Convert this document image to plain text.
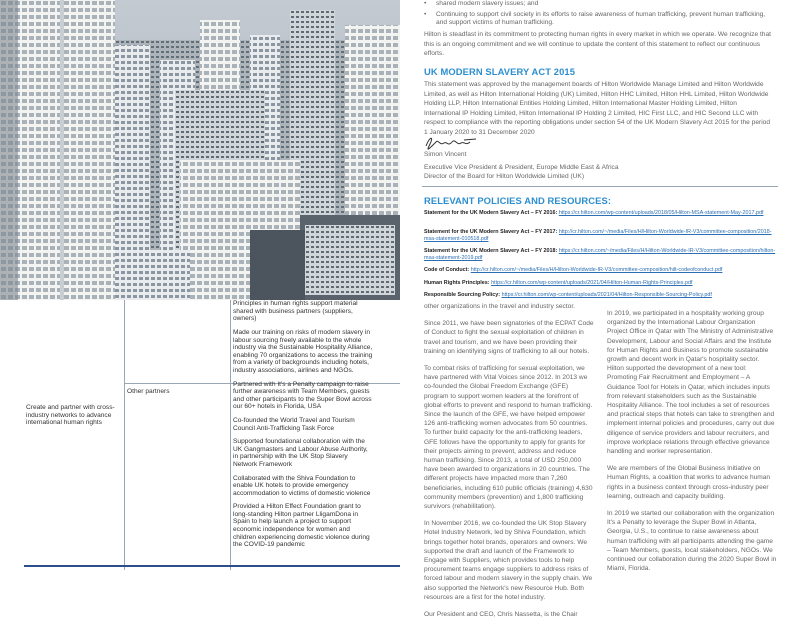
Create and partner with cross-industry networks to advance international human rights
Other partners
Principles in human rights support material shared with business partners (suppliers, owners)

Made our training on risks of modern slavery in labour sourcing freely available to the whole industry via the Sustainable Hospitality Alliance, enabling 70 organizations to access the training from a variety of backgrounds including hotels, industry associations, airlines and NGOs.

Partnered with It's a Penalty campaign to raise further awareness with Team Members, guests and other participants to the Super Bowl across our 60+ hotels in Florida, USA

Co-founded the World Travel and Tourism Council Anti-Trafficking Task Force

Supported foundational collaboration with the UK Gangmasters and Labour Abuse Authority, in partnership with the UK Stop Slavery Network Framework

Collaborated with the Shiva Foundation to enable UK hotels to provide emergency accommodation to victims of domestic violence

Provided a Hilton Effect Foundation grant to long-standing Hilton partner LligamDona in Spain to help launch a project to support economic independence for women and children experiencing domestic violence during the COVID-19 pandemic

• shared modern slavery issues; and
• Continuing to support civil society in its efforts to raise awareness of human trafficking, prevent human trafficking, and support victims of human trafficking.

Hilton is steadfast in its commitment to protecting human rights in every market in which we operate. We recognize that this is an ongoing commitment and we will continue to update the content of this statement to reflect our continuous efforts.

UK MODERN SLAVERY ACT 2015

This statement was approved by the management boards of Hilton Worldwide Manage Limited and Hilton Worldwide Limited, as well as Hilton International Holding (UK) Limited, Hilton HHC Limited, Hilton HHL Limited, Hilton Worldwide Holding LLP, Hilton International Entities Holding Limited, Hilton International Master Holding Limited, Hilton International IP Holding Limited, Hilton International IP Holding 2 Limited, HIC First LLC, and HIC Second LLC with respect to compliance with the reporting obligations under section 54 of the UK Modern Slavery Act 2015 for the period 1 January 2020 to 31 December 2020

Simon Vincent
Executive Vice President & President, Europe Middle East & Africa
Director of the Board for Hilton Worldwide Limited (UK)
RELEVANT POLICIES AND RESOURCES:
Statement for the UK Modern Slavery Act – FY 2016: https://cr.hilton.com/wp-content/uploads/2018/05/Hilton-MSA-statement-May-2017.pdf
Statement for the UK Modern Slavery Act – FY 2017: http://cr.hilton.com/~/media/Files/H/Hilton-Worldwide-IR-V3/committee-composition/2018-msa-statement-010518.pdf
Statement for the UK Modern Slavery Act – FY 2018: https://cr.hilton.com/~/media/Files/H/Hilton-Worldwide-IR-V3/committee-composition/hilton-msa-statement-2019.pdf
Code of Conduct: http://cr.hilton.com/~/media/Files/H/Hilton-Worldwide-IR-V3/committee-composition/hilt-codeofconduct.pdf
Human Rights Principles: https://cr.hilton.com/wp-content/uploads/2021/04/Hilton-Human-Rights-Principles.pdf
Responsible Sourcing Policy: https://cr.hilton.com/wp-content/uploads/2021/04/Hilton-Responsible-Sourcing-Policy.pdf

other organizations in the travel and industry sector.

Since 2011, we have been signatories of the ECPAT Code of Conduct to fight the sexual exploitation of children in travel and tourism, and we have been providing their training on identifying signs of trafficking to all our hotels.

To combat risks of trafficking for sexual exploitation, we have partnered with Vital Voices since 2012. In 2013 we co-founded the Global Freedom Exchange (GFE) program to support women leaders at the forefront of global efforts to prevent and respond to human trafficking. Since the launch of the GFE, we have helped empower 126 anti-trafficking women advocates from 50 countries. To further build capacity for the anti-trafficking leaders, GFE follows have the opportunity to apply for grants for their projects aiming to prevent, address and reduce human trafficking. Since 2013, a total of USD 250,000 have been awarded to organizations in 20 countries. The different projects have impacted more than 7,260 beneficiaries, including 610 public officials (training) 4,630 community members (prevention) and 1,800 trafficking survivors (rehabilitation).

In November 2016, we co-founded the UK Stop Slavery Hotel Industry Network, led by Shiva Foundation, which brings together hotel brands, operators and owners. We supported the draft and launch of the Framework to Engage with Suppliers, which provides tools to help procurement teams engage suppliers to address risks of forced labour and modern slavery in the supply chain. We also supported the Network's new Resource Hub. Both resources are a first for the hotel industry.

Our President and CEO, Chris Nassetta, is the Chair

In 2019, we participated in a hospitality working group organized by the International Labour Organization Project Office in Qatar with The Ministry of Administrative Development, Labour and Social Affairs and the Institute for Human Rights and Business to promote sustainable growth and decent work in Qatar's hospitality sector. Hilton supported the development of a new tool: Promoting Fair Recruitment and Employment – A Guidance Tool for Hotels in Qatar, which includes inputs from relevant stakeholders such as the Sustainable Hospitality Alliance. The tool includes a set of resources and practical steps that hotels can take to strengthen and implement internal policies and procedures, carry out due diligence of service providers and labour recruiters, and improve workplace relations through effective grievance handling and worker representation.

We are members of the Global Business Initiative on Human Rights, a coalition that works to advance human rights in a business context through cross-industry peer learning, outreach and capacity building.

In 2019 we started our collaboration with the organization It's a Penalty to leverage the Super Bowl in Atlanta, Georgia, U.S., to continue to raise awareness about human trafficking with all participants attending the game – Team Members, guests, local stakeholders, NGOs. We continued our collaboration during the 2020 Super Bowl in Miami, Florida.
